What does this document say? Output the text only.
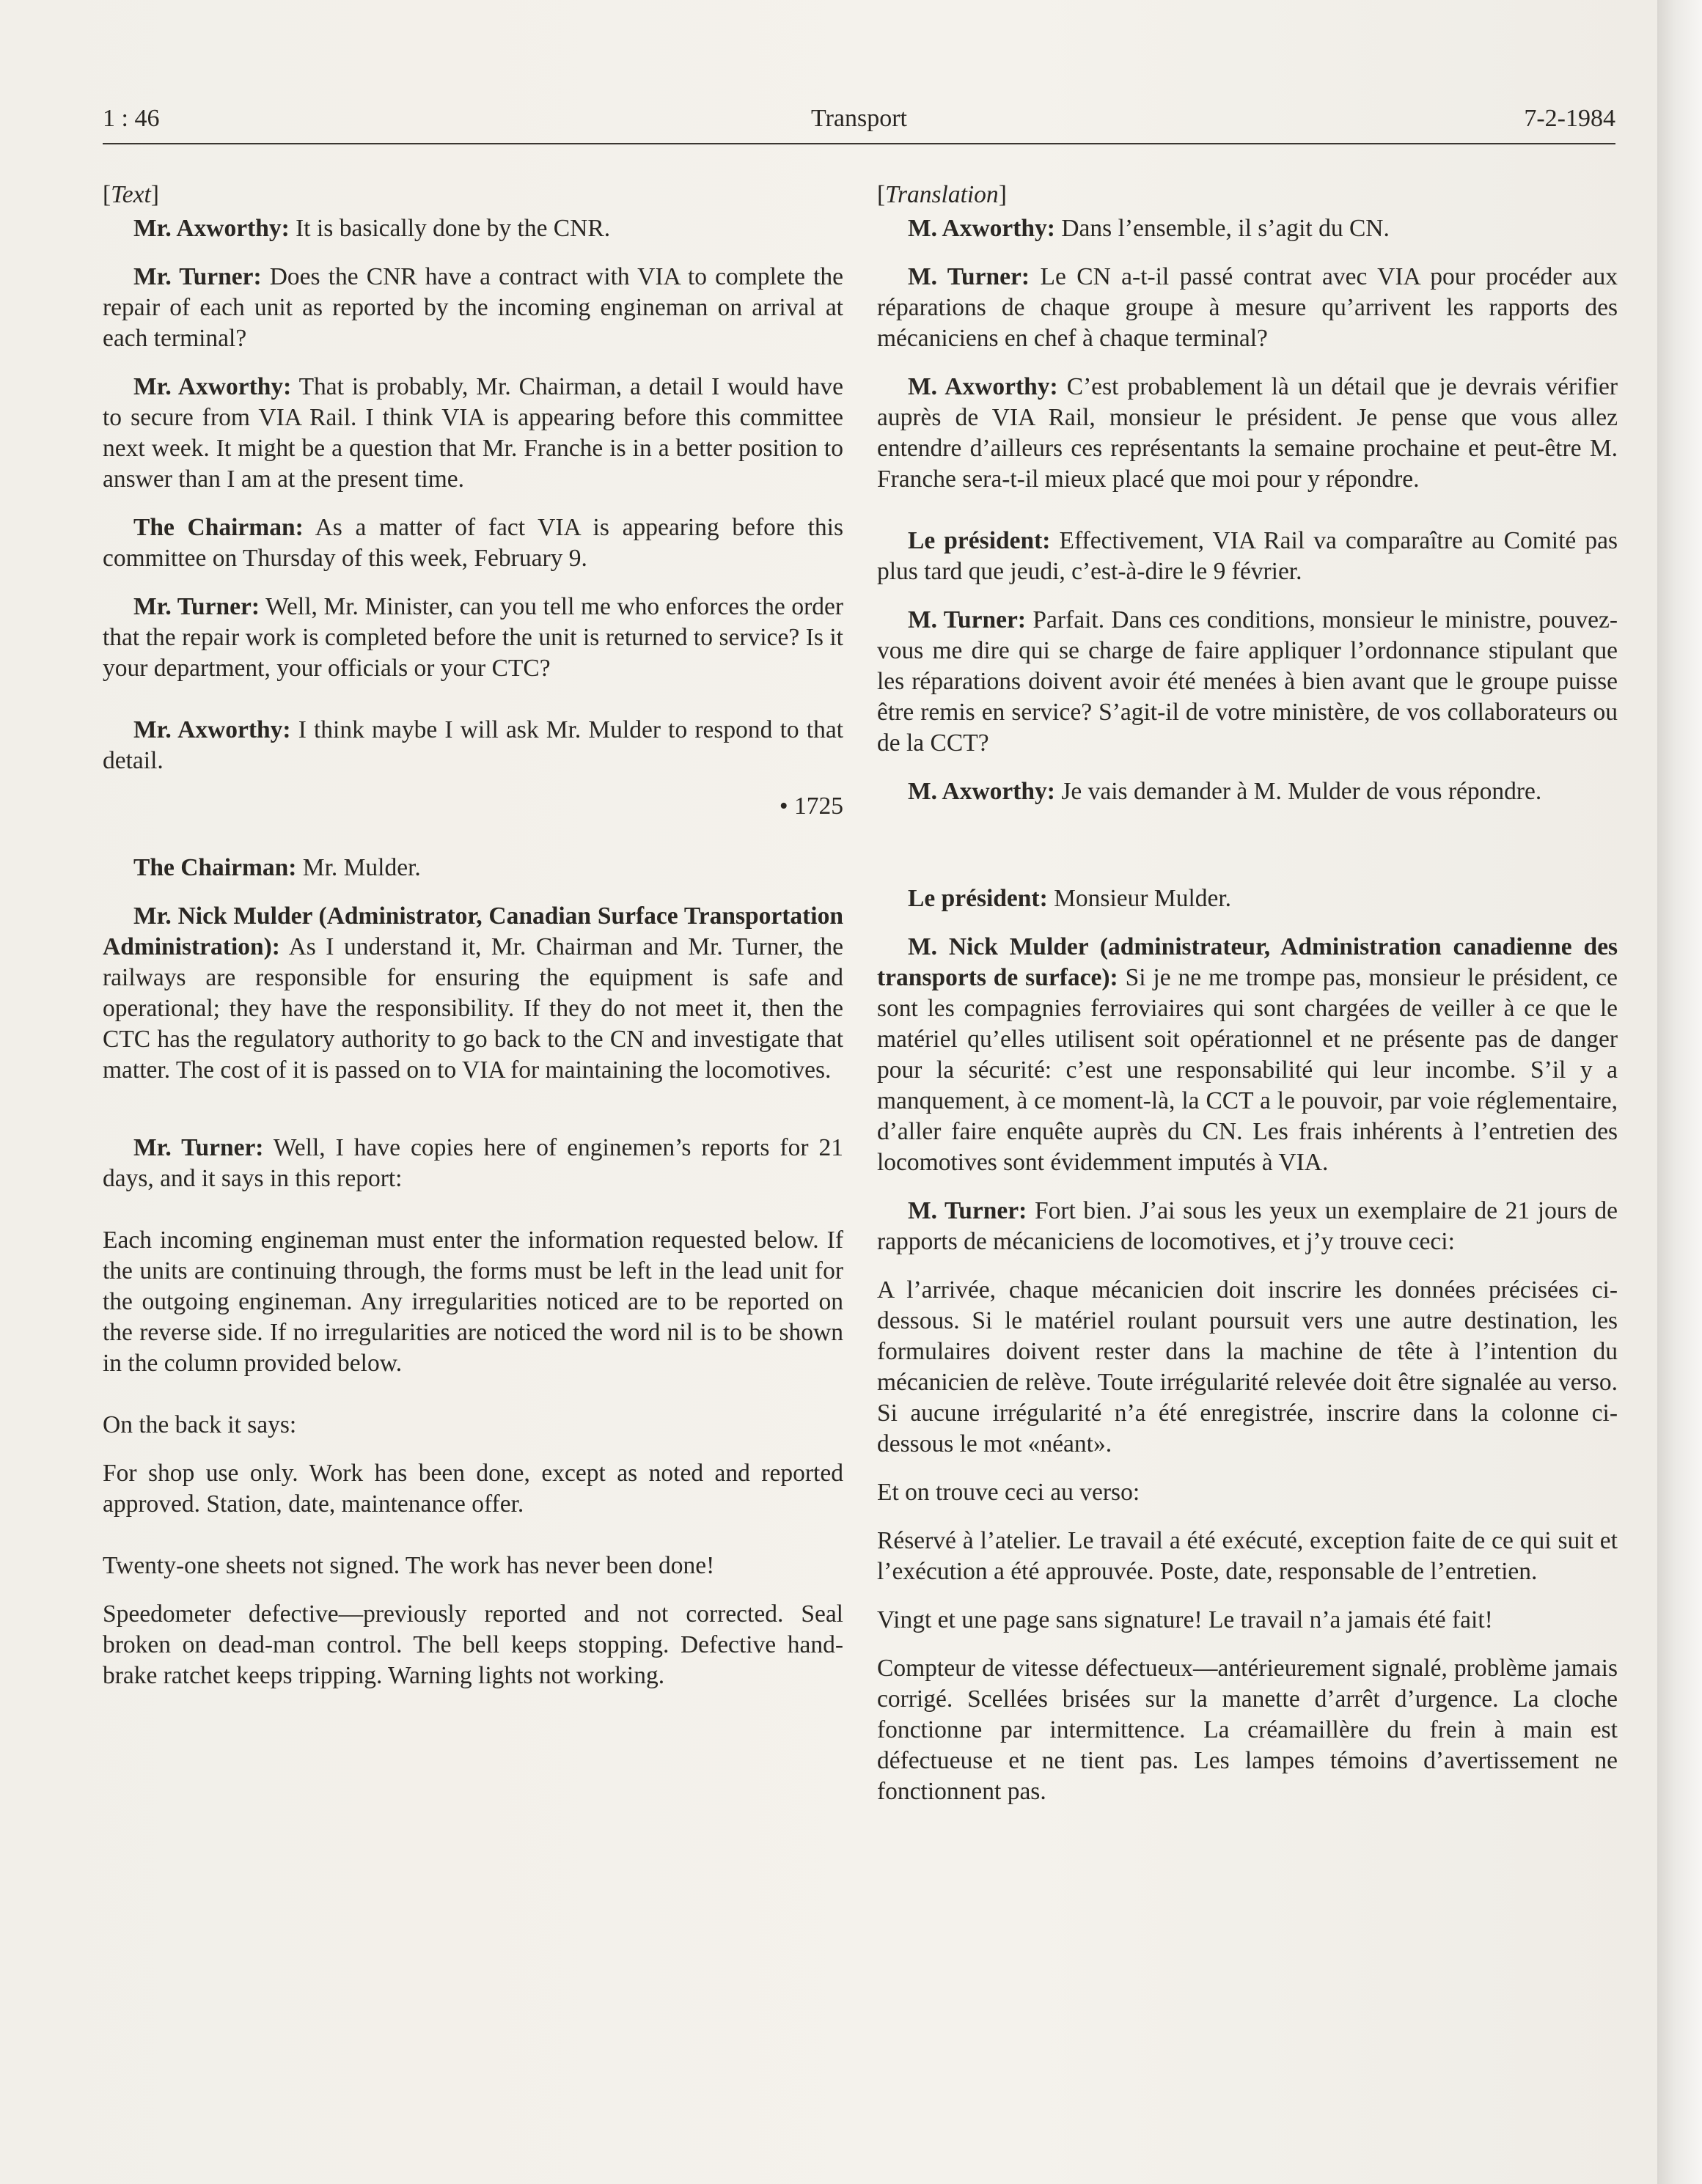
1 : 46	Transport	7-2-1984
[Text]

Mr. Axworthy: It is basically done by the CNR.

Mr. Turner: Does the CNR have a contract with VIA to complete the repair of each unit as reported by the incoming engineman on arrival at each terminal?

Mr. Axworthy: That is probably, Mr. Chairman, a detail I would have to secure from VIA Rail. I think VIA is appearing before this committee next week. It might be a question that Mr. Franche is in a better position to answer than I am at the present time.

The Chairman: As a matter of fact VIA is appearing before this committee on Thursday of this week, February 9.

Mr. Turner: Well, Mr. Minister, can you tell me who enforces the order that the repair work is completed before the unit is returned to service? Is it your department, your officials or your CTC?

Mr. Axworthy: I think maybe I will ask Mr. Mulder to respond to that detail.

• 1725

The Chairman: Mr. Mulder.

Mr. Nick Mulder (Administrator, Canadian Surface Transportation Administration): As I understand it, Mr. Chairman and Mr. Turner, the railways are responsible for ensuring the equipment is safe and operational; they have the responsibility. If they do not meet it, then the CTC has the regulatory authority to go back to the CN and investigate that matter. The cost of it is passed on to VIA for maintaining the locomotives.

Mr. Turner: Well, I have copies here of enginemen’s reports for 21 days, and it says in this report:

Each incoming engineman must enter the information requested below. If the units are continuing through, the forms must be left in the lead unit for the outgoing engineman. Any irregularities noticed are to be reported on the reverse side. If no irregularities are noticed the word nil is to be shown in the column provided below.

On the back it says:

For shop use only. Work has been done, except as noted and reported approved. Station, date, maintenance offer.

Twenty-one sheets not signed. The work has never been done!

Speedometer defective—previously reported and not corrected. Seal broken on dead-man control. The bell keeps stopping. Defective hand-brake ratchet keeps tripping. Warning lights not working.

[Translation]

M. Axworthy: Dans l’ensemble, il s’agit du CN.

M. Turner: Le CN a-t-il passé contrat avec VIA pour procéder aux réparations de chaque groupe à mesure qu’arrivent les rapports des mécaniciens en chef à chaque terminal?

M. Axworthy: C’est probablement là un détail que je devrais vérifier auprès de VIA Rail, monsieur le président. Je pense que vous allez entendre d’ailleurs ces représentants la semaine prochaine et peut-être M. Franche sera-t-il mieux placé que moi pour y répondre.

Le président: Effectivement, VIA Rail va comparaître au Comité pas plus tard que jeudi, c’est-à-dire le 9 février.

M. Turner: Parfait. Dans ces conditions, monsieur le ministre, pouvez-vous me dire qui se charge de faire appliquer l’ordonnance stipulant que les réparations doivent avoir été menées à bien avant que le groupe puisse être remis en service? S’agit-il de votre ministère, de vos collaborateurs ou de la CCT?

M. Axworthy: Je vais demander à M. Mulder de vous répondre.

Le président: Monsieur Mulder.

M. Nick Mulder (administrateur, Administration canadienne des transports de surface): Si je ne me trompe pas, monsieur le président, ce sont les compagnies ferroviaires qui sont chargées de veiller à ce que le matériel qu’elles utilisent soit opérationnel et ne présente pas de danger pour la sécurité: c’est une responsabilité qui leur incombe. S’il y a manquement, à ce moment-là, la CCT a le pouvoir, par voie réglementaire, d’aller faire enquête auprès du CN. Les frais inhérents à l’entretien des locomotives sont évidemment imputés à VIA.

M. Turner: Fort bien. J’ai sous les yeux un exemplaire de 21 jours de rapports de mécaniciens de locomotives, et j’y trouve ceci:

A l’arrivée, chaque mécanicien doit inscrire les données précisées ci-dessous. Si le matériel roulant poursuit vers une autre destination, les formulaires doivent rester dans la machine de tête à l’intention du mécanicien de relève. Toute irrégularité relevée doit être signalée au verso. Si aucune irrégularité n’a été enregistrée, inscrire dans la colonne ci-dessous le mot «néant».

Et on trouve ceci au verso:

Réservé à l’atelier. Le travail a été exécuté, exception faite de ce qui suit et l’exécution a été approuvée. Poste, date, responsable de l’entretien.

Vingt et une page sans signature! Le travail n’a jamais été fait!

Compteur de vitesse défectueux—antérieurement signalé, problème jamais corrigé. Scellées brisées sur la manette d’arrêt d’urgence. La cloche fonctionne par intermittence. La créamaillère du frein à main est défectueuse et ne tient pas. Les lampes témoins d’avertissement ne fonctionnent pas.
